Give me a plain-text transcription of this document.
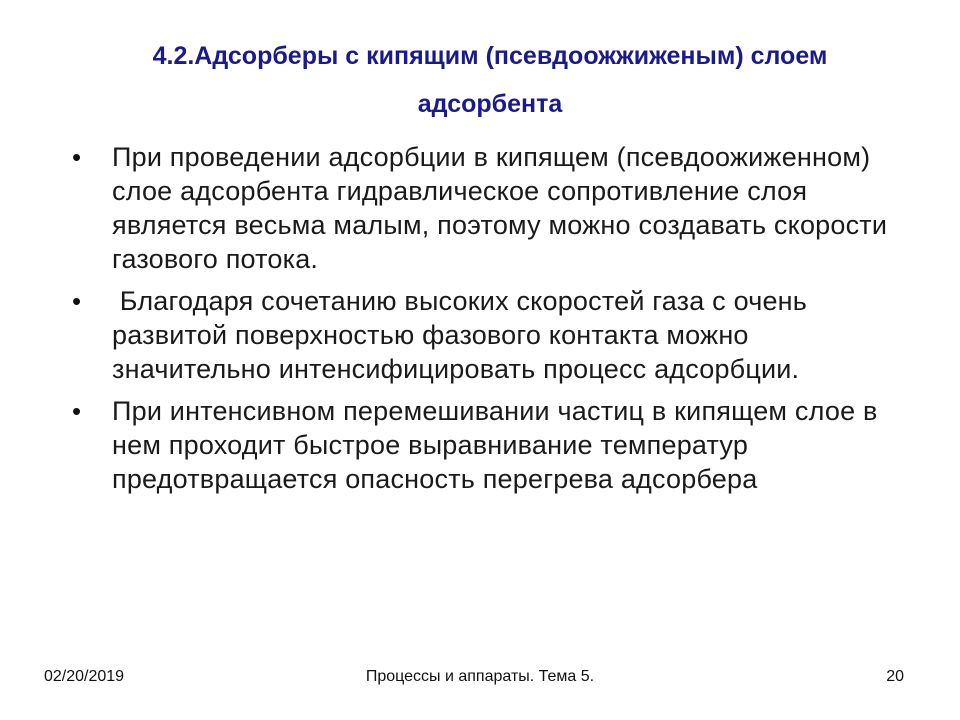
4.2.Адсорберы с кипящим (псевдоожжиженым) слоем
адсорбента
• При проведении адсорбции в кипящем (псевдоожиженном) слое адсорбента гидравлическое сопротивление слоя является весьма малым, поэтому можно создавать скорости газового потока.
• Благодаря сочетанию высоких скоростей газа с очень развитой поверхностью фазового контакта можно значительно интенсифицировать процесс адсорбции.
• При интенсивном перемешивании частиц в кипящем слое в нем проходит быстрое выравнивание температур предотвращается опасность перегрева адсорбера
02/20/2019	Процессы и аппараты. Тема 5.	20
